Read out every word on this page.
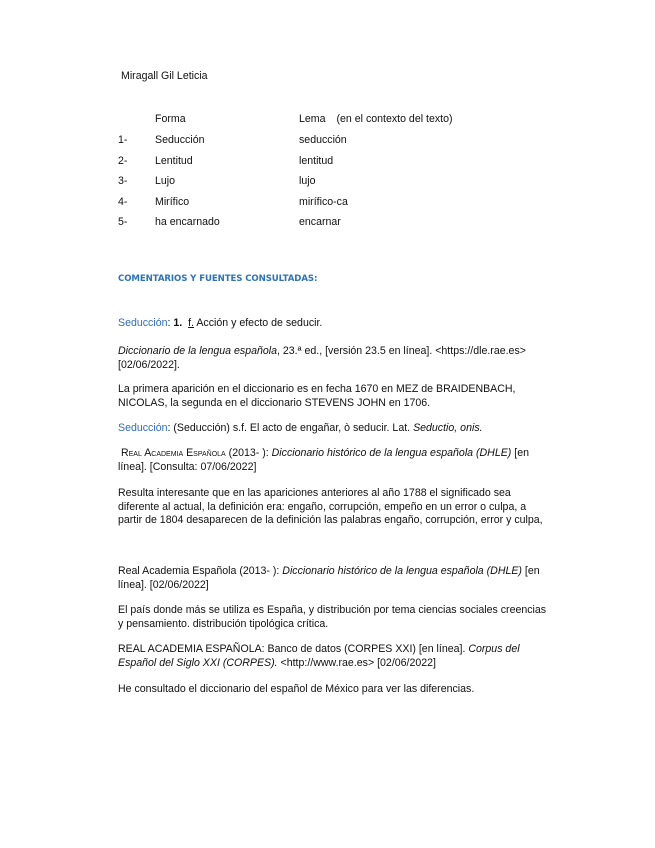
Miragall Gil Leticia
Forma	Lema (en el contexto del texto)
1-	Seducción	seducción
2-	Lentitud	lentitud
3-	Lujo	lujo
4-	Mirífico	mirífico-ca
5-	ha encarnado	encarnar
COMENTARIOS Y FUENTES CONSULTADAS:

Seducción: 1. f. Acción y efecto de seducir.

Diccionario de la lengua española, 23.ª ed., [versión 23.5 en línea]. <https://dle.rae.es> [02/06/2022].

La primera aparición en el diccionario es en fecha 1670 en MEZ de BRAIDENBACH, NICOLAS, la segunda en el diccionario STEVENS JOHN en 1706.

Seducción: (Seducción) s.f. El acto de engañar, ò seducir. Lat. Seductio, onis.

Real Academia Española (2013- ): Diccionario histórico de la lengua española (DHLE) [en línea]. [Consulta: 07/06/2022]

Resulta interesante que en las apariciones anteriores al año 1788 el significado sea diferente al actual, la definición era: engaño, corrupción, empeño en un error o culpa, a partir de 1804 desaparecen de la definición las palabras engaño, corrupción, error y culpa,

Real Academia Española (2013- ): Diccionario histórico de la lengua española (DHLE) [en línea]. [02/06/2022]

El país donde más se utiliza es España, y distribución por tema ciencias sociales creencias y pensamiento. distribución tipológica crítica.

REAL ACADEMIA ESPAÑOLA: Banco de datos (CORPES XXI) [en línea]. Corpus del Español del Siglo XXI (CORPES). <http://www.rae.es> [02/06/2022]

He consultado el diccionario del español de México para ver las diferencias.
